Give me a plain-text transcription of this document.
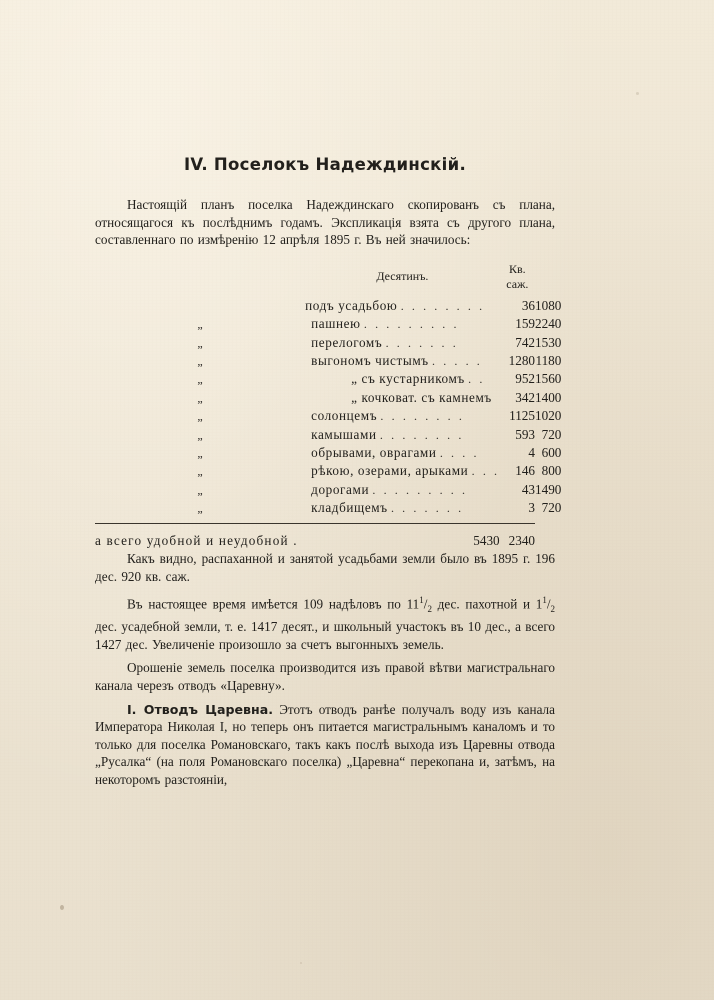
IV. Поселокъ Надеждинскій.

Настоящій планъ поселка Надеждинскаго скопированъ съ плана, относящагося къ послѣднимъ годамъ. Экспликація взята съ другого плана, составленнаго по измѣренію 12 апрѣля 1895 г. Въ ней значилось:

	Десятинъ.	Кв. саж.	
	подъ усадьбою . . . . . . . .	36	1080
„	пашнею . . . . . . . . .	159	2240
„	перелогомъ . . . . . . .	742	1530
„	выгономъ чистымъ . . . . .	1280	1180
„	„ съ кустарникомъ . .	952	1560
„	„ кочковат. съ камнемъ	342	1400
„	солонцемъ . . . . . . . .	1125	1020
„	камышами . . . . . . . .	593	720
„	обрывами, оврагами . . . .	4	600
„	рѣкою, озерами, арыками . . .	146	800
„	дорогами . . . . . . . . .	43	1490
„	кладбищемъ . . . . . . .	3	720

а всего удобной и неудобной .	5430	2340	

Какъ видно, распаханной и занятой усадьбами земли было въ 1895 г. 196 дес. 920 кв. саж.

Въ настоящее время имѣется 109 надѣловъ по $11^1/_2$ дес. пахотной и $1^1/_2$ дес. усадебной земли, т. е. 1417 десят., и школьный участокъ въ 10 дес., а всего 1427 дес. Увеличеніе произошло за счетъ выгонныхъ земель.

Орошеніе земель поселка производится изъ правой вѣтви магистральнаго канала черезъ отводъ «Царевну».

I. Отводъ Царевна. Этотъ отводъ ранѣе получалъ воду изъ канала Императора Николая I, но теперь онъ питается магистральнымъ каналомъ и то только для поселка Романовскаго, такъ какъ послѣ выхода изъ Царевны отвода „Русалка“ (на поля Романовскаго поселка) „Царевна“ перекопана и, затѣмъ, на некоторомъ разстояніи,
